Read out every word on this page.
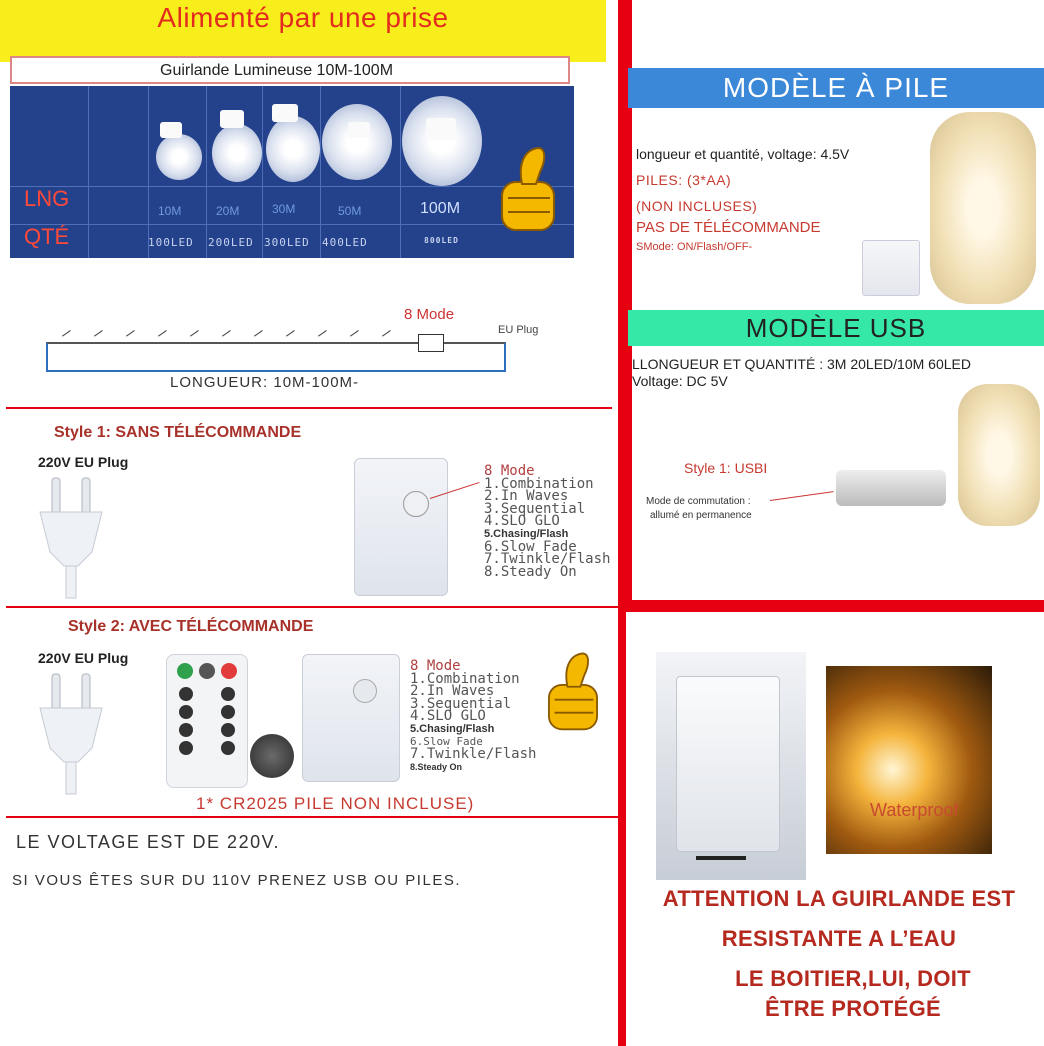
Alimenté par une prise
Guirlande Lumineuse 10M-100M
LNG
QTÉ
10M	20M	30M	50M	100M
100LED 200LED 300LED 400LED	800LED
8 Mode
EU Plug
LONGUEUR: 10M-100M-
Style 1: SANS TÉLÉCOMMANDE
220V EU Plug
8 Mode
1.Combination
2.In Waves
3.Sequential
4.SLO GLO
5.Chasing/Flash
6.Slow Fade
7.Twinkle/Flash
8.Steady On
Style 2: AVEC TÉLÉCOMMANDE
220V EU Plug	8 Mode
1.Combination
2.In Waves
3.Sequential
4.SLO GLO
5.Chasing/Flash
6.Slow Fade
7.Twinkle/Flash
8.Steady On
1* CR2025 PILE NON INCLUSE)
LE VOLTAGE EST DE 220V.
SI VOUS ÊTES SUR DU 110V PRENEZ USB OU PILES.
MODÈLE À PILE
longueur et quantité, voltage: 4.5V
PILES: (3*AA)
(NON INCLUSES)
PAS DE TÉLÉCOMMANDE
SMode: ON/Flash/OFF-
MODÈLE USB
LLONGUEUR ET QUANTITÉ : 3M 20LED/10M 60LED
Voltage: DC 5V
Style 1: USBI
Mode de commutation :
allumé en permanence
Waterproof
ATTENTION LA GUIRLANDE EST
RESISTANTE A L’EAU
LE BOITIER,LUI, DOIT
ÊTRE PROTÉGÉ
